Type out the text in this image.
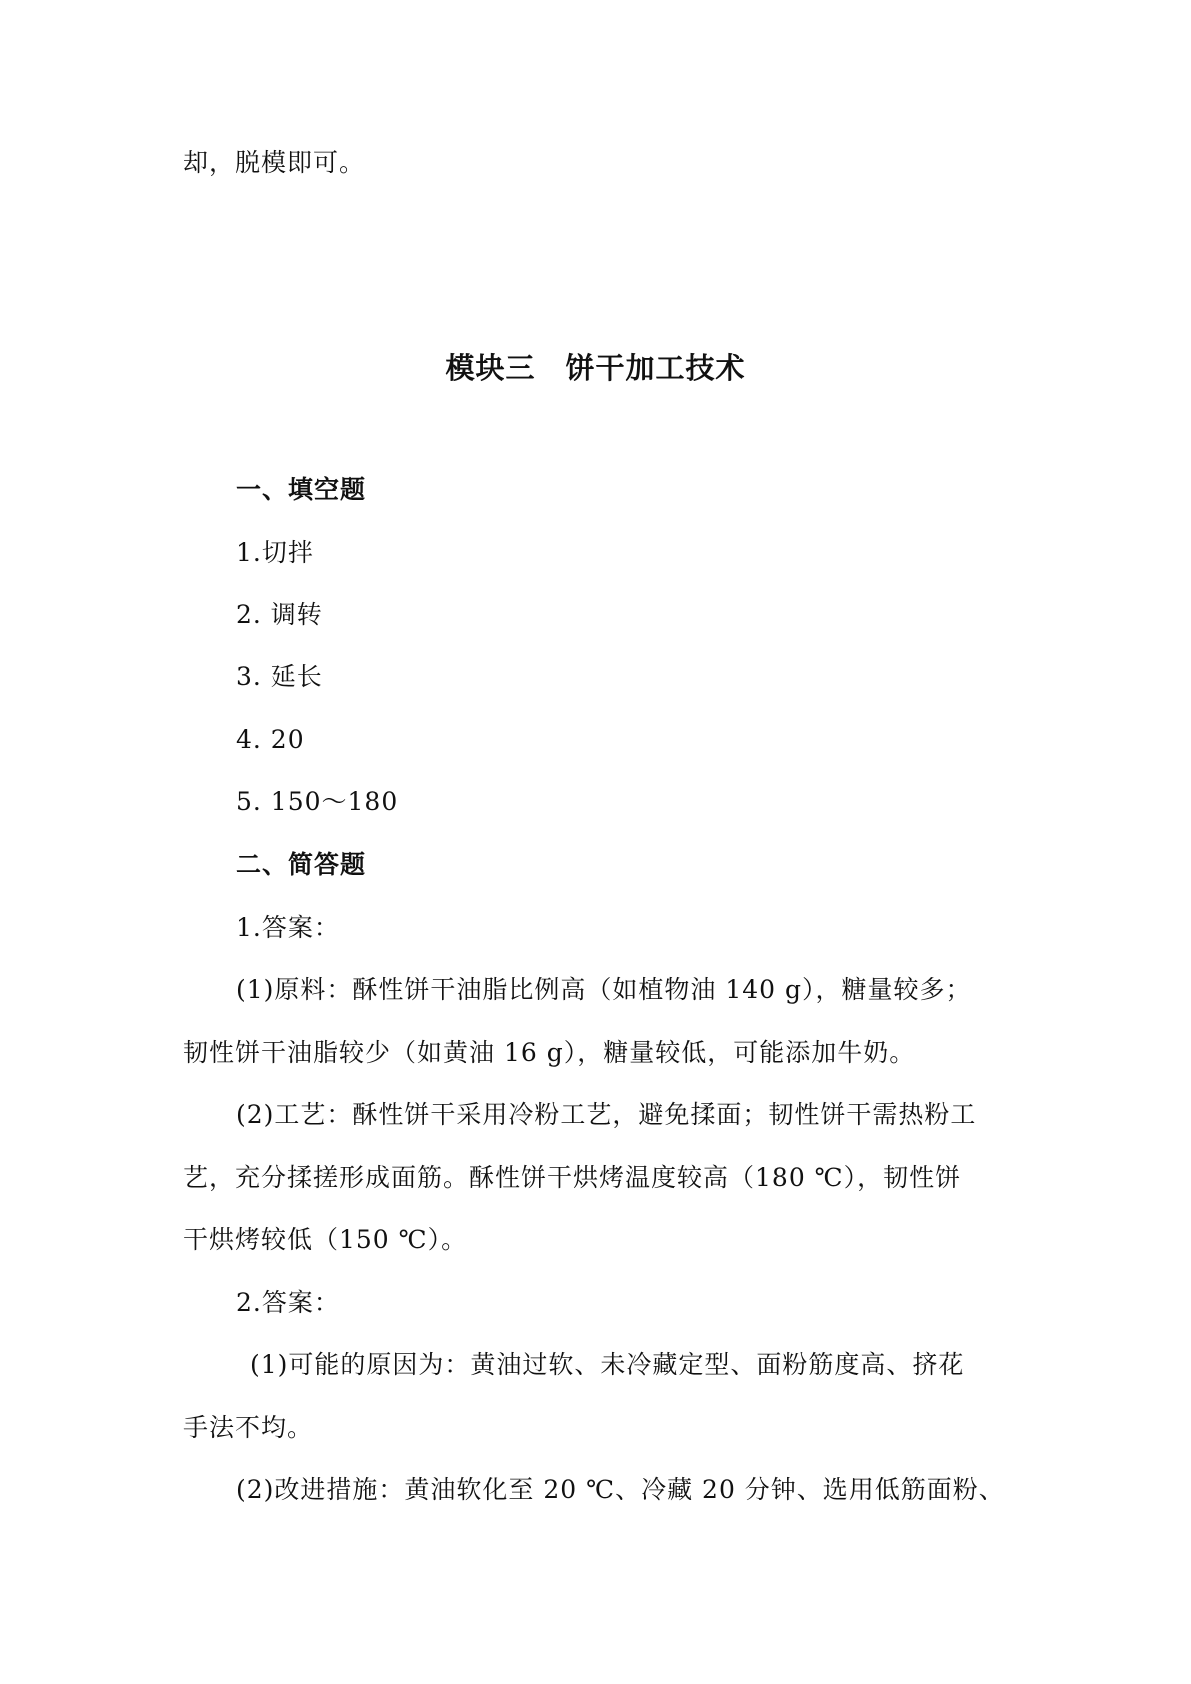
却，脱模即可。
模块三　饼干加工技术
一、填空题
1.切拌
2. 调转
3. 延长
4. 20
5. 150～180
二、简答题
1.答案：
(1)原料：酥性饼干油脂比例高（如植物油 140 g），糖量较多；
韧性饼干油脂较少（如黄油 16 g），糖量较低，可能添加牛奶。
(2)工艺：酥性饼干采用冷粉工艺，避免揉面；韧性饼干需热粉工
艺，充分揉搓形成面筋。酥性饼干烘烤温度较高（180 ℃），韧性饼
干烘烤较低（150 ℃）。
2.答案：
(1)可能的原因为：黄油过软、未冷藏定型、面粉筋度高、挤花
手法不均。
(2)改进措施：黄油软化至 20 ℃、冷藏 20 分钟、选用低筋面粉、
